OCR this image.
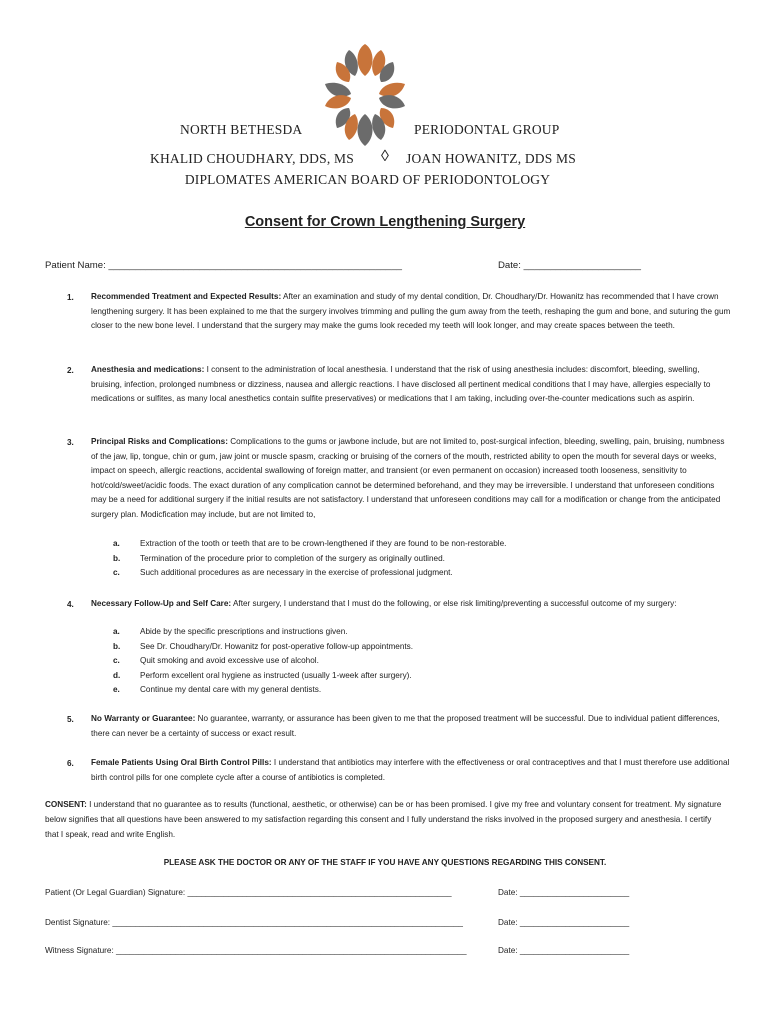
NORTH BETHESDA	PERIODONTAL GROUP
KHALID CHOUDHARY, DDS, MS ◊ JOAN HOWANITZ, DDS MS
DIPLOMATES AMERICAN BOARD OF PERIODONTOLOGY
Consent for Crown Lengthening Surgery
Patient Name: _______________________________________________________	Date: ______________________
1. Recommended Treatment and Expected Results: After an examination and study of my dental condition, Dr. Choudhary/Dr. Howanitz has recommended that I have crown lengthening surgery. It has been explained to me that the surgery involves trimming and pulling the gum away from the teeth, reshaping the gum and bone, and suturing the gum closer to the new bone level. I understand that the surgery may make the gums look receded my teeth will look longer, and may create spaces between the teeth.
2. Anesthesia and medications: I consent to the administration of local anesthesia. I understand that the risk of using anesthesia includes: discomfort, bleeding, swelling, bruising, infection, prolonged numbness or dizziness, nausea and allergic reactions. I have disclosed all pertinent medical conditions that I may have, allergies especially to medications or sulfites, as many local anesthetics contain sulfite preservatives) or medications that I am taking, including over-the-counter medications such as aspirin.
3. Principal Risks and Complications: Complications to the gums or jawbone include, but are not limited to, post-surgical infection, bleeding, swelling, pain, bruising, numbness of the jaw, lip, tongue, chin or gum, jaw joint or muscle spasm, cracking or bruising of the corners of the mouth, restricted ability to open the mouth for several days or weeks, impact on speech, allergic reactions, accidental swallowing of foreign matter, and transient (or even permanent on occasion) increased tooth looseness, sensitivity to hot/cold/sweet/acidic foods. The exact duration of any complication cannot be determined beforehand, and they may be irreversible. I understand that unforeseen conditions may be a need for additional surgery if the initial results are not satisfactory. I understand that unforeseen conditions may call for a modification or change from the anticipated surgery plan. Modicfication may include, but are not limited to,
a. Extraction of the tooth or teeth that are to be crown-lengthened if they are found to be non-restorable.
b. Termination of the procedure prior to completion of the surgery as originally outlined.
c. Such additional procedures as are necessary in the exercise of professional judgment.
4. Necessary Follow-Up and Self Care: After surgery, I understand that I must do the following, or else risk limiting/preventing a successful outcome of my surgery:
a. Abide by the specific prescriptions and instructions given.
b. See Dr. Choudhary/Dr. Howanitz for post-operative follow-up appointments.
c. Quit smoking and avoid excessive use of alcohol.
d. Perform excellent oral hygiene as instructed (usually 1-week after surgery).
e. Continue my dental care with my general dentists.
5. No Warranty or Guarantee: No guarantee, warranty, or assurance has been given to me that the proposed treatment will be successful. Due to individual patient differences, there can never be a certainty of success or exact result.
6. Female Patients Using Oral Birth Control Pills: I understand that antibiotics may interfere with the effectiveness or oral contraceptives and that I must therefore use additional birth control pills for one complete cycle after a course of antibiotics is completed.
CONSENT: I understand that no guarantee as to results (functional, aesthetic, or otherwise) can be or has been promised. I give my free and voluntary consent for treatment. My signature below signifies that all questions have been answered to my satisfaction regarding this consent and I fully understand the risks involved in the proposed surgery and anesthesia. I certify that I speak, read and write English.
PLEASE ASK THE DOCTOR OR ANY OF THE STAFF IF YOU HAVE ANY QUESTIONS REGARDING THIS CONSENT.
Patient (Or Legal Guardian) Signature: __________________________________________________________	Date: ________________________
Dentist Signature: _____________________________________________________________________________	Date: ________________________
Witness Signature: _____________________________________________________________________________	Date: ________________________
